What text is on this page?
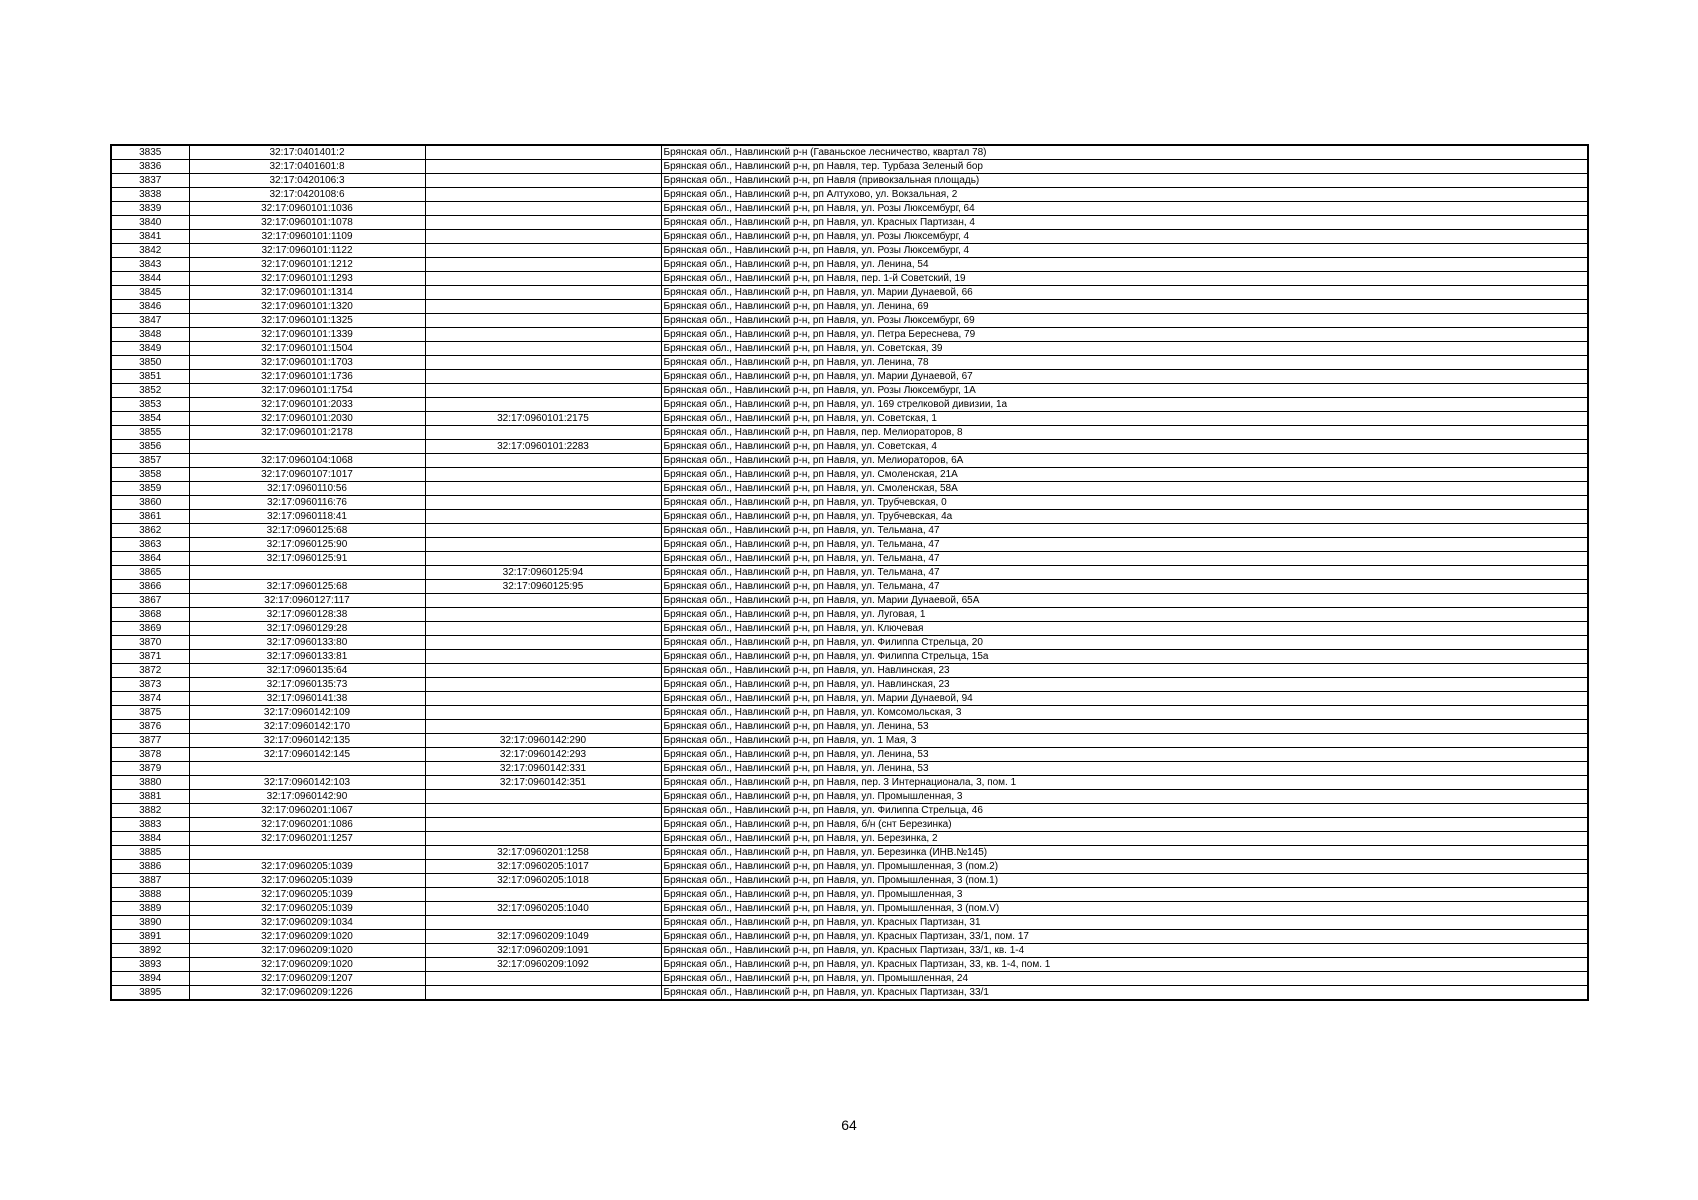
3835	32:17:0401401:2		Брянская обл., Навлинский р-н (Гаваньское лесничество, квартал 78)
3836	32:17:0401601:8		Брянская обл., Навлинский р-н, рп Навля, тер. Турбаза Зеленый бор
3837	32:17:0420106:3		Брянская обл., Навлинский р-н, рп Навля (привокзальная площадь)
3838	32:17:0420108:6		Брянская обл., Навлинский р-н, рп Алтухово, ул. Вокзальная, 2
3839	32:17:0960101:1036		Брянская обл., Навлинский р-н, рп Навля, ул. Розы Люксембург, 64
3840	32:17:0960101:1078		Брянская обл., Навлинский р-н, рп Навля, ул. Красных Партизан, 4
3841	32:17:0960101:1109		Брянская обл., Навлинский р-н, рп Навля, ул. Розы Люксембург, 4
3842	32:17:0960101:1122		Брянская обл., Навлинский р-н, рп Навля, ул. Розы Люксембург, 4
3843	32:17:0960101:1212		Брянская обл., Навлинский р-н, рп Навля, ул. Ленина, 54
3844	32:17:0960101:1293		Брянская обл., Навлинский р-н, рп Навля, пер. 1-й Советский, 19
3845	32:17:0960101:1314		Брянская обл., Навлинский р-н, рп Навля, ул. Марии Дунаевой, 66
3846	32:17:0960101:1320		Брянская обл., Навлинский р-н, рп Навля, ул. Ленина, 69
3847	32:17:0960101:1325		Брянская обл., Навлинский р-н, рп Навля, ул. Розы Люксембург, 69
3848	32:17:0960101:1339		Брянская обл., Навлинский р-н, рп Навля, ул. Петра Береснева, 79
3849	32:17:0960101:1504		Брянская обл., Навлинский р-н, рп Навля, ул. Советская, 39
3850	32:17:0960101:1703		Брянская обл., Навлинский р-н, рп Навля, ул. Ленина, 78
3851	32:17:0960101:1736		Брянская обл., Навлинский р-н, рп Навля, ул. Марии Дунаевой, 67
3852	32:17:0960101:1754		Брянская обл., Навлинский р-н, рп Навля, ул. Розы Люксембург, 1А
3853	32:17:0960101:2033		Брянская обл., Навлинский р-н, рп Навля, ул. 169 стрелковой дивизии, 1а
3854	32:17:0960101:2030	32:17:0960101:2175	Брянская обл., Навлинский р-н, рп Навля, ул. Советская, 1
3855	32:17:0960101:2178		Брянская обл., Навлинский р-н, рп Навля, пер. Мелиораторов, 8
3856		32:17:0960101:2283	Брянская обл., Навлинский р-н, рп Навля, ул. Советская, 4
3857	32:17:0960104:1068		Брянская обл., Навлинский р-н, рп Навля, ул. Мелиораторов, 6А
3858	32:17:0960107:1017		Брянская обл., Навлинский р-н, рп Навля, ул. Смоленская, 21А
3859	32:17:0960110:56		Брянская обл., Навлинский р-н, рп Навля, ул. Смоленская, 58А
3860	32:17:0960116:76		Брянская обл., Навлинский р-н, рп Навля, ул. Трубчевская, 0
3861	32:17:0960118:41		Брянская обл., Навлинский р-н, рп Навля, ул. Трубчевская, 4а
3862	32:17:0960125:68		Брянская обл., Навлинский р-н, рп Навля, ул. Тельмана, 47
3863	32:17:0960125:90		Брянская обл., Навлинский р-н, рп Навля, ул. Тельмана, 47
3864	32:17:0960125:91		Брянская обл., Навлинский р-н, рп Навля, ул. Тельмана, 47
3865		32:17:0960125:94	Брянская обл., Навлинский р-н, рп Навля, ул. Тельмана, 47
3866	32:17:0960125:68	32:17:0960125:95	Брянская обл., Навлинский р-н, рп Навля, ул. Тельмана, 47
3867	32:17:0960127:117		Брянская обл., Навлинский р-н, рп Навля, ул. Марии Дунаевой, 65А
3868	32:17:0960128:38		Брянская обл., Навлинский р-н, рп Навля, ул. Луговая, 1
3869	32:17:0960129:28		Брянская обл., Навлинский р-н, рп Навля, ул. Ключевая
3870	32:17:0960133:80		Брянская обл., Навлинский р-н, рп Навля, ул. Филиппа Стрельца, 20
3871	32:17:0960133:81		Брянская обл., Навлинский р-н, рп Навля, ул. Филиппа Стрельца, 15а
3872	32:17:0960135:64		Брянская обл., Навлинский р-н, рп Навля, ул. Навлинская, 23
3873	32:17:0960135:73		Брянская обл., Навлинский р-н, рп Навля, ул. Навлинская, 23
3874	32:17:0960141:38		Брянская обл., Навлинский р-н, рп Навля, ул. Марии Дунаевой, 94
3875	32:17:0960142:109		Брянская обл., Навлинский р-н, рп Навля, ул. Комсомольская, 3
3876	32:17:0960142:170		Брянская обл., Навлинский р-н, рп Навля, ул. Ленина, 53
3877	32:17:0960142:135	32:17:0960142:290	Брянская обл., Навлинский р-н, рп Навля, ул. 1 Мая, 3
3878	32:17:0960142:145	32:17:0960142:293	Брянская обл., Навлинский р-н, рп Навля, ул. Ленина, 53
3879		32:17:0960142:331	Брянская обл., Навлинский р-н, рп Навля, ул. Ленина, 53
3880	32:17:0960142:103	32:17:0960142:351	Брянская обл., Навлинский р-н, рп Навля, пер. 3 Интернационала, 3, пом. 1
3881	32:17:0960142:90		Брянская обл., Навлинский р-н, рп Навля, ул. Промышленная, 3
3882	32:17:0960201:1067		Брянская обл., Навлинский р-н, рп Навля, ул. Филиппа Стрельца, 46
3883	32:17:0960201:1086		Брянская обл., Навлинский р-н, рп Навля, б/н (снт Березинка)
3884	32:17:0960201:1257		Брянская обл., Навлинский р-н, рп Навля, ул. Березинка, 2
3885		32:17:0960201:1258	Брянская обл., Навлинский р-н, рп Навля, ул. Березинка (ИНВ.№145)
3886	32:17:0960205:1039	32:17:0960205:1017	Брянская обл., Навлинский р-н, рп Навля, ул. Промышленная, 3 (пом.2)
3887	32:17:0960205:1039	32:17:0960205:1018	Брянская обл., Навлинский р-н, рп Навля, ул. Промышленная, 3 (пом.1)
3888	32:17:0960205:1039		Брянская обл., Навлинский р-н, рп Навля, ул. Промышленная, 3
3889	32:17:0960205:1039	32:17:0960205:1040	Брянская обл., Навлинский р-н, рп Навля, ул. Промышленная, 3 (пом.V)
3890	32:17:0960209:1034		Брянская обл., Навлинский р-н, рп Навля, ул. Красных Партизан, 31
3891	32:17:0960209:1020	32:17:0960209:1049	Брянская обл., Навлинский р-н, рп Навля, ул. Красных Партизан, 33/1, пом. 17
3892	32:17:0960209:1020	32:17:0960209:1091	Брянская обл., Навлинский р-н, рп Навля, ул. Красных Партизан, 33/1, кв. 1-4
3893	32:17:0960209:1020	32:17:0960209:1092	Брянская обл., Навлинский р-н, рп Навля, ул. Красных Партизан, 33, кв. 1-4, пом. 1
3894	32:17:0960209:1207		Брянская обл., Навлинский р-н, рп Навля, ул. Промышленная, 24
3895	32:17:0960209:1226		Брянская обл., Навлинский р-н, рп Навля, ул. Красных Партизан, 33/1
64
